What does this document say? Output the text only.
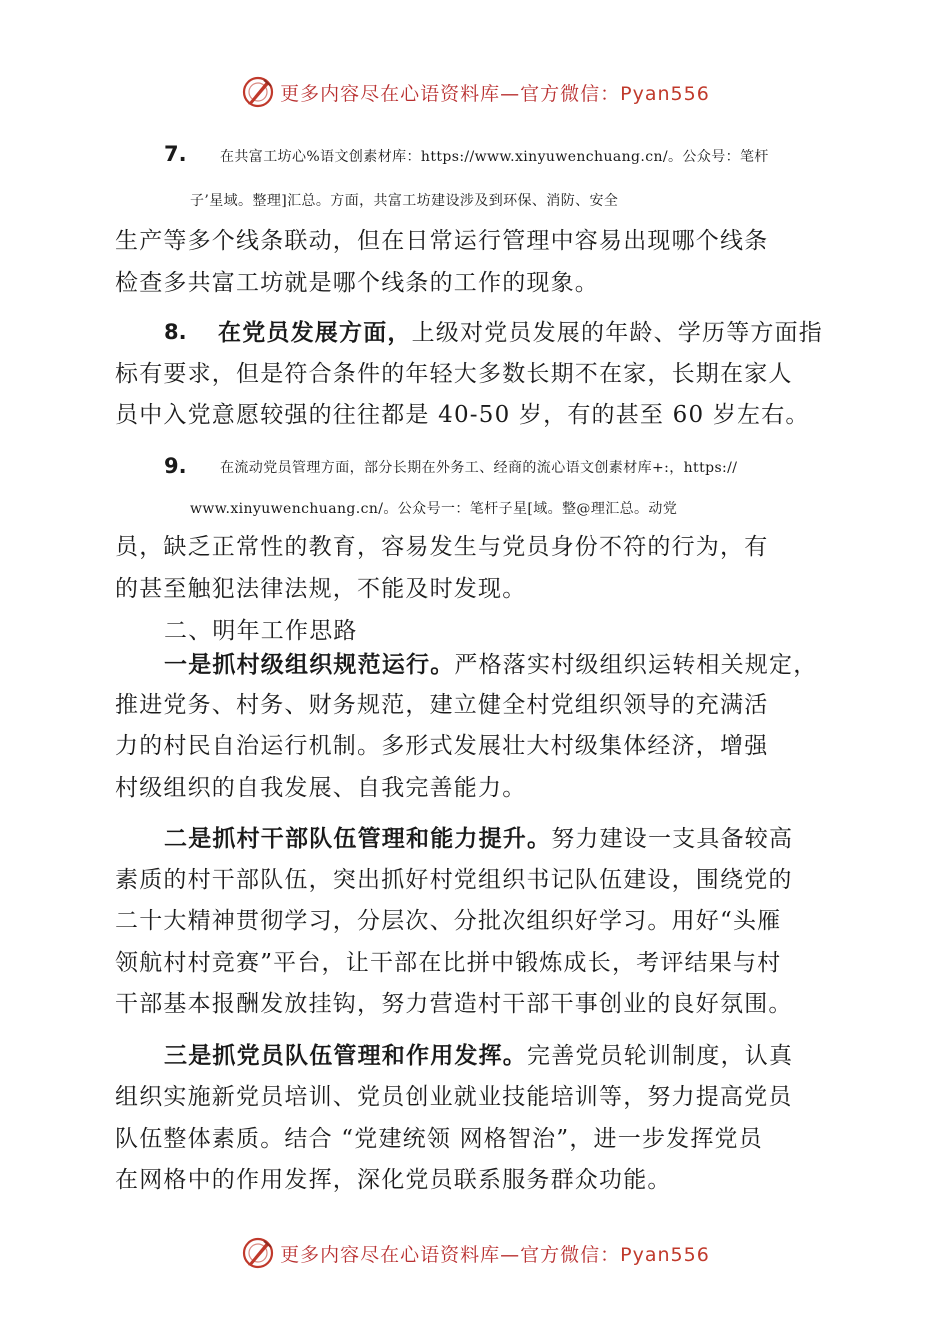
更多内容尽在心语资料库—官方微信：Pyan556
7. 在共富工坊心%语文创素材库：https://www.xinyuwenchuang.cn/。公众号：笔杆
子’星域。整理]汇总。方面，共富工坊建设涉及到环保、消防、安全
生产等多个线条联动，但在日常运行管理中容易出现哪个线条
检查多共富工坊就是哪个线条的工作的现象。
8. 在党员发展方面，上级对党员发展的年龄、学历等方面指
标有要求，但是符合条件的年轻大多数长期不在家，长期在家人
员中入党意愿较强的往往都是 40-50 岁，有的甚至 60 岁左右。
9. 在流动党员管理方面，部分长期在外务工、经商的流心语文创素材库+:，https://
www.xinyuwenchuang.cn/。公众号一：笔杆子星[域。整@理汇总。动党
员，缺乏正常性的教育，容易发生与党员身份不符的行为，有
的甚至触犯法律法规，不能及时发现。
二、明年工作思路
一是抓村级组织规范运行。严格落实村级组织运转相关规定，
推进党务、村务、财务规范，建立健全村党组织领导的充满活
力的村民自治运行机制。多形式发展壮大村级集体经济，增强
村级组织的自我发展、自我完善能力。
二是抓村干部队伍管理和能力提升。努力建设一支具备较高
素质的村干部队伍，突出抓好村党组织书记队伍建设，围绕党的
二十大精神贯彻学习，分层次、分批次组织好学习。用好“头雁
领航村村竞赛”平台，让干部在比拼中锻炼成长，考评结果与村
干部基本报酬发放挂钩，努力营造村干部干事创业的良好氛围。
三是抓党员队伍管理和作用发挥。完善党员轮训制度，认真
组织实施新党员培训、党员创业就业技能培训等，努力提高党员
队伍整体素质。结合 “党建统领 网格智治”，进一步发挥党员
在网格中的作用发挥，深化党员联系服务群众功能。
更多内容尽在心语资料库—官方微信：Pyan556
